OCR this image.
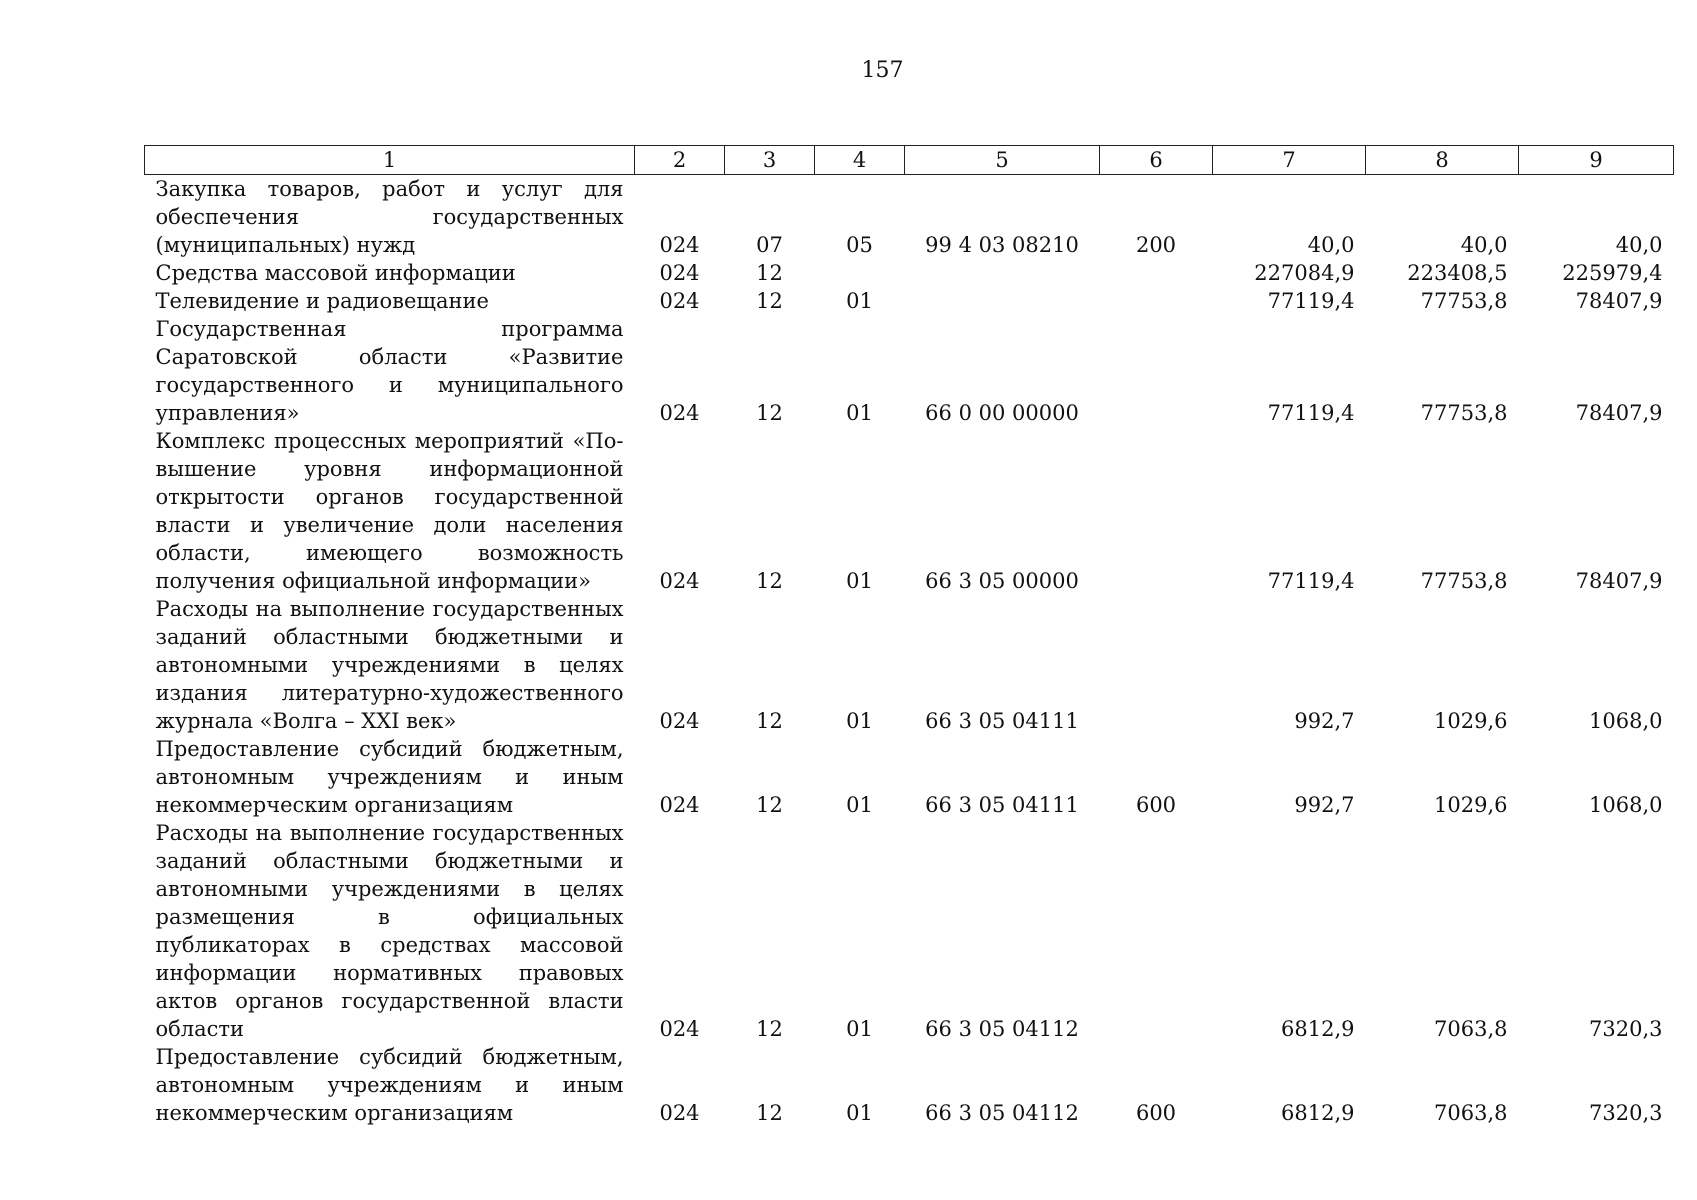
157
1	2	3	4	5	6	7	8	9
Закупка товаров, работ и услуг для обеспечения государственных (муниципальных) нужд	024	07	05	99 4 03 08210	200	40,0	40,0	40,0
Средства массовой информации	024	12				227084,9	223408,5	225979,4
Телевидение и радиовещание	024	12	01			77119,4	77753,8	78407,9
Государственная программа Саратовской области «Развитие государственного и муниципального управления»	024	12	01	66 0 00 00000		77119,4	77753,8	78407,9
Комплекс процессных мероприятий «Повышение уровня информационной открытости органов государственной власти и увеличение доли населения области, имеющего возможность получения официальной информации»	024	12	01	66 3 05 00000		77119,4	77753,8	78407,9
Расходы на выполнение государственных заданий областными бюджетными и автономными учреждениями в целях издания литературно-художественного журнала «Волга – XXI век»	024	12	01	66 3 05 04111		992,7	1029,6	1068,0
Предоставление субсидий бюджетным, автономным учреждениям и иным некоммерческим организациям	024	12	01	66 3 05 04111	600	992,7	1029,6	1068,0
Расходы на выполнение государственных заданий областными бюджетными и автономными учреждениями в целях размещения в официальных публикаторах в средствах массовой информации нормативных правовых актов органов государственной власти области	024	12	01	66 3 05 04112		6812,9	7063,8	7320,3
Предоставление субсидий бюджетным, автономным учреждениям и иным некоммерческим организациям	024	12	01	66 3 05 04112	600	6812,9	7063,8	7320,3
